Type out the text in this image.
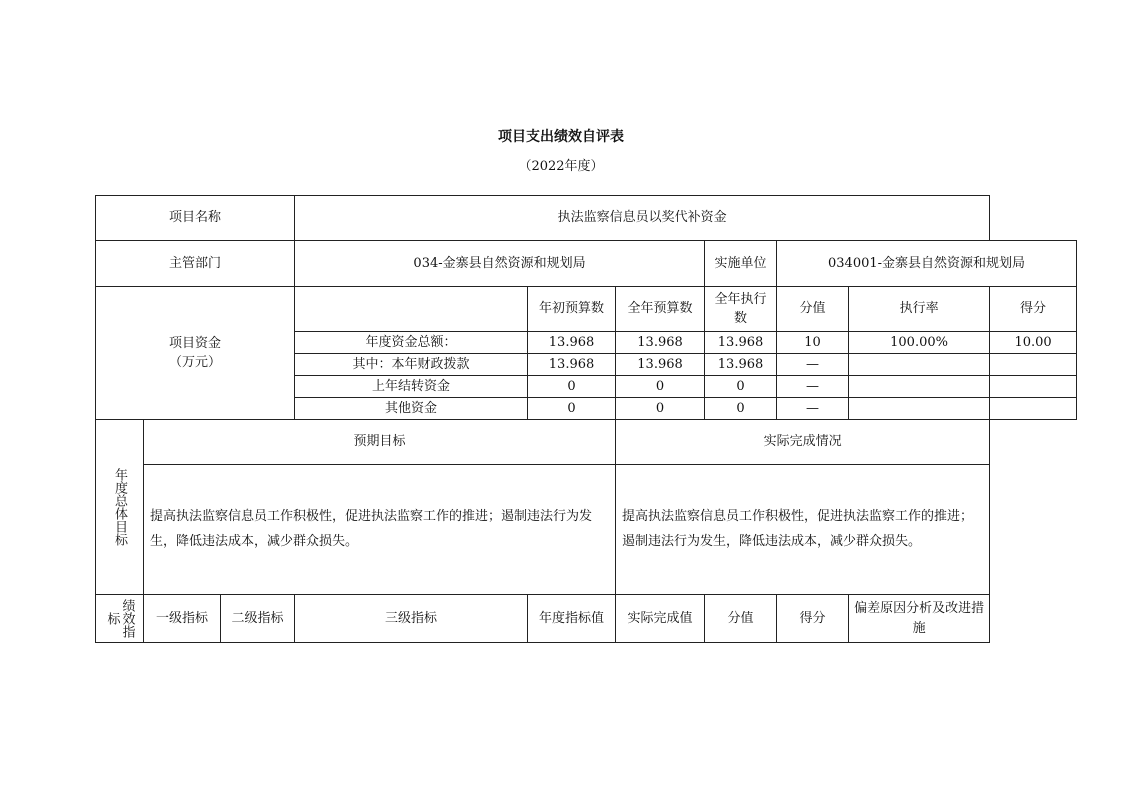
项目支出绩效自评表
（2022年度）
项目名称			执法监察信息员以奖代补资金						
主管部门			034-金寨县自然资源和规划局			实施单位	034001-金寨县自然资源和规划局		

项目资金
（万元）				年初预算数	全年预算数	全年执行数	分值	执行率	得分
			年度资金总额：	13.968	13.968	13.968	10	100.00%	10.00
			其中：本年财政拨款	13.968	13.968	13.968	—		
			上年结转资金	0	0	0	—		
			其他资金	0	0	0	—		

年度总体目标	预期目标				实际完成情况				
	提高执法监察信息员工作积极性，促进执法监察工作的推进；遏制违法行为发生，降低违法成本，减少群众损失。				提高执法监察信息员工作积极性，促进执法监察工作的推进；遏制违法行为发生，降低违法成本，减少群众损失。				

绩效指
标	一级指标	二级指标	三级指标	年度指标值	实际完成值	分值	得分	偏差原因分析及改进措施	
